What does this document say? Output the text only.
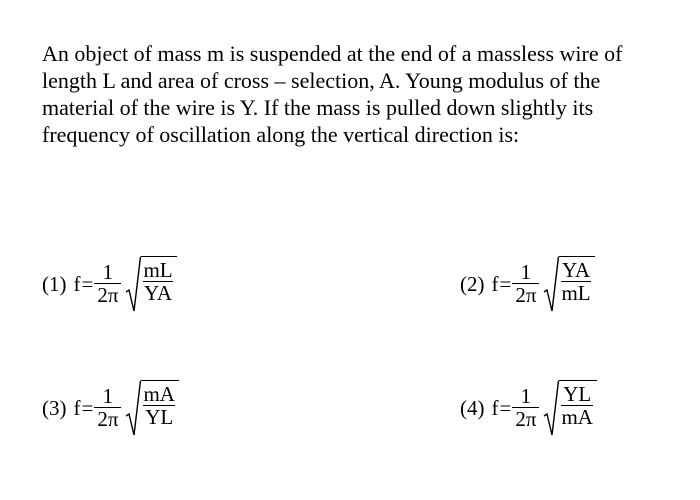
An object of mass m is suspended at the end of a massless wire of length L and area of cross – selection, A. Young modulus of the material of the wire is Y. If the mass is pulled down slightly its frequency of oscillation along the vertical direction is:

(1) $f = \frac{1}{2\pi} \frac{mL}{YA}$	(2) $f = \frac{1}{2\pi} \frac{YA}{mL}$
(3) $f = \frac{1}{2\pi} \frac{mA}{YL}$	(4) $f = \frac{1}{2\pi} \frac{YL}{mA}$
